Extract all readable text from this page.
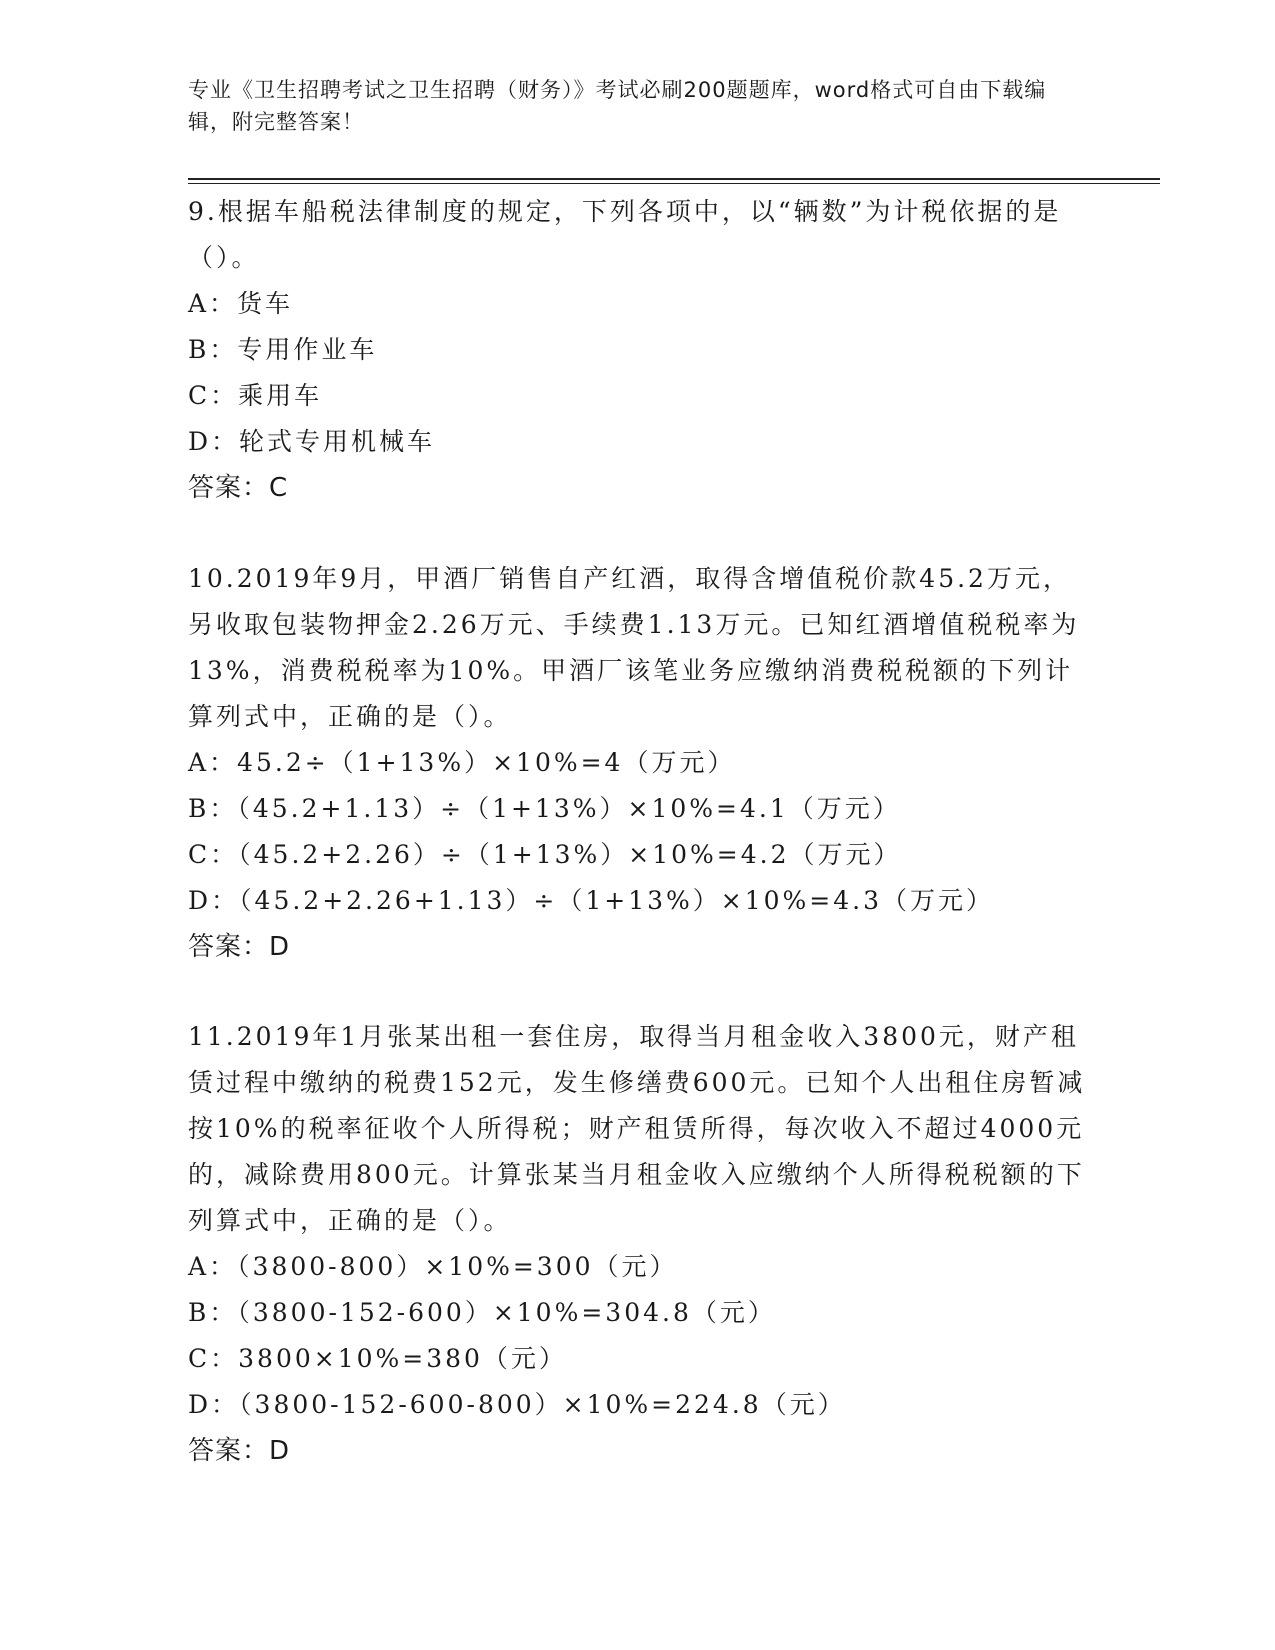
专业《卫生招聘考试之卫生招聘（财务）》考试必刷200题题库，word格式可自由下载编辑，附完整答案！

9.根据车船税法律制度的规定，下列各项中，以“辆数”为计税依据的是（）。

A：货车

B：专用作业车

C：乘用车

D：轮式专用机械车

答案：C

10.2019年9月，甲酒厂销售自产红酒，取得含增值税价款45.2万元，另收取包装物押金2.26万元、手续费1.13万元。已知红酒增值税税率为13%，消费税税率为10%。甲酒厂该笔业务应缴纳消费税税额的下列计算列式中，正确的是（）。

A：45.2÷（1+13%）×10%=4（万元）

B：（45.2+1.13）÷（1+13%）×10%=4.1（万元）

C：（45.2+2.26）÷（1+13%）×10%=4.2（万元）

D：（45.2+2.26+1.13）÷（1+13%）×10%=4.3（万元）

答案：D

11.2019年1月张某出租一套住房，取得当月租金收入3800元，财产租赁过程中缴纳的税费152元，发生修缮费600元。已知个人出租住房暂减按10%的税率征收个人所得税；财产租赁所得，每次收入不超过4000元的，减除费用800元。计算张某当月租金收入应缴纳个人所得税税额的下列算式中，正确的是（）。

A：（3800-800）×10%=300（元）

B：（3800-152-600）×10%=304.8（元）

C：3800×10%=380（元）

D：（3800-152-600-800）×10%=224.8（元）

答案：D
